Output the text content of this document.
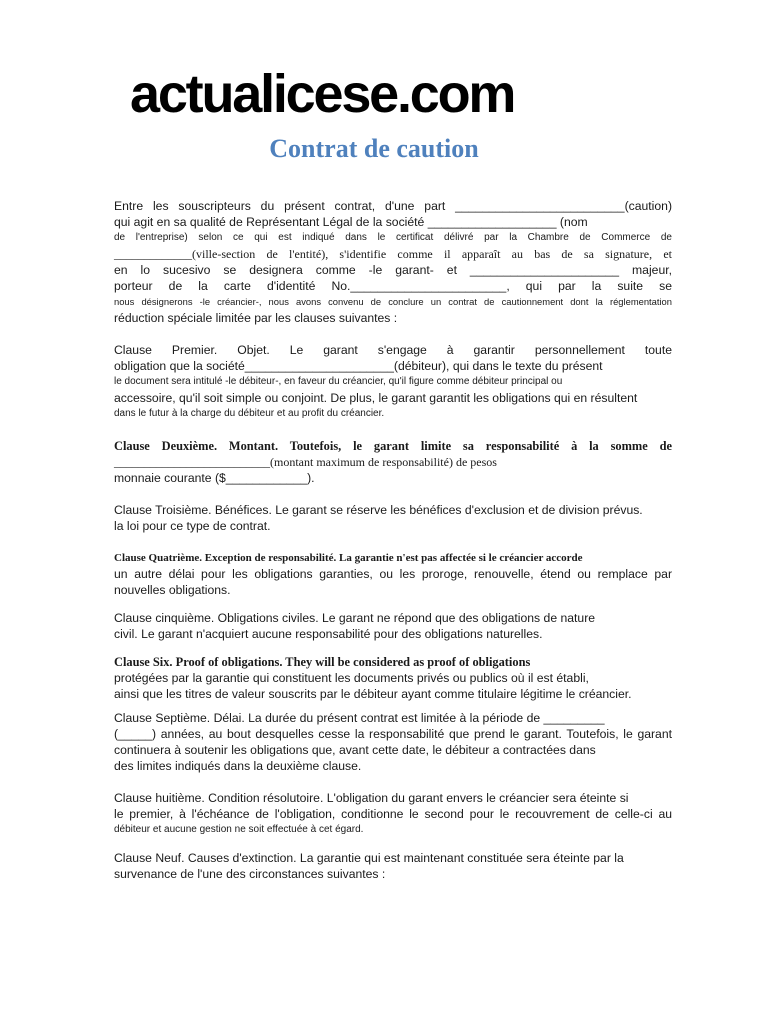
actualicese.com
Contrat de caution
Entre les souscripteurs du présent contrat, d'une part _________________________(caution)
qui agit en sa qualité de Représentant Légal de la société ___________________ (nom
de l'entreprise) selon ce qui est indiqué dans le certificat délivré par la Chambre de Commerce de
_____________(ville-section de l'entité), s'identifie comme il apparaît au bas de sa signature, et
en lo sucesivo se designera comme -le garant- et ______________________ majeur,
porteur de la carte d'identité No._______________________, qui par la suite se
nous désignerons -le créancier-, nous avons convenu de conclure un contrat de cautionnement dont la réglementation
réduction spéciale limitée par les clauses suivantes :
Clause Premier. Objet. Le garant s'engage à garantir personnellement toute
obligation que la société______________________(débiteur), qui dans le texte du présent
le document sera intitulé -le débiteur-, en faveur du créancier, qu'il figure comme débiteur principal ou
accessoire, qu'il soit simple ou conjoint. De plus, le garant garantit les obligations qui en résultent
dans le futur à la charge du débiteur et au profit du créancier.
Clause Deuxième. Montant. Toutefois, le garant limite sa responsabilité à la somme de
__________________________(montant maximum de responsabilité) de pesos
monnaie courante ($____________).
Clause Troisième. Bénéfices. Le garant se réserve les bénéfices d'exclusion et de division prévus.
la loi pour ce type de contrat.
Clause Quatrième. Exception de responsabilité. La garantie n'est pas affectée si le créancier accorde
un autre délai pour les obligations garanties, ou les proroge, renouvelle, étend ou remplace par
nouvelles obligations.
Clause cinquième. Obligations civiles. Le garant ne répond que des obligations de nature
civil. Le garant n'acquiert aucune responsabilité pour des obligations naturelles.
Clause Six. Proof of obligations. They will be considered as proof of obligations
protégées par la garantie qui constituent les documents privés ou publics où il est établi,
ainsi que les titres de valeur souscrits par le débiteur ayant comme titulaire légitime le créancier.
Clause Septième. Délai. La durée du présent contrat est limitée à la période de _________
(_____) années, au bout desquelles cesse la responsabilité que prend le garant. Toutefois, le garant
continuera à soutenir les obligations que, avant cette date, le débiteur a contractées dans
des limites indiqués dans la deuxième clause.
Clause huitième. Condition résolutoire. L'obligation du garant envers le créancier sera éteinte si
le premier, à l'échéance de l'obligation, conditionne le second pour le recouvrement de celle-ci au
débiteur et aucune gestion ne soit effectuée à cet égard.
Clause Neuf. Causes d'extinction. La garantie qui est maintenant constituée sera éteinte par la
survenance de l'une des circonstances suivantes :
